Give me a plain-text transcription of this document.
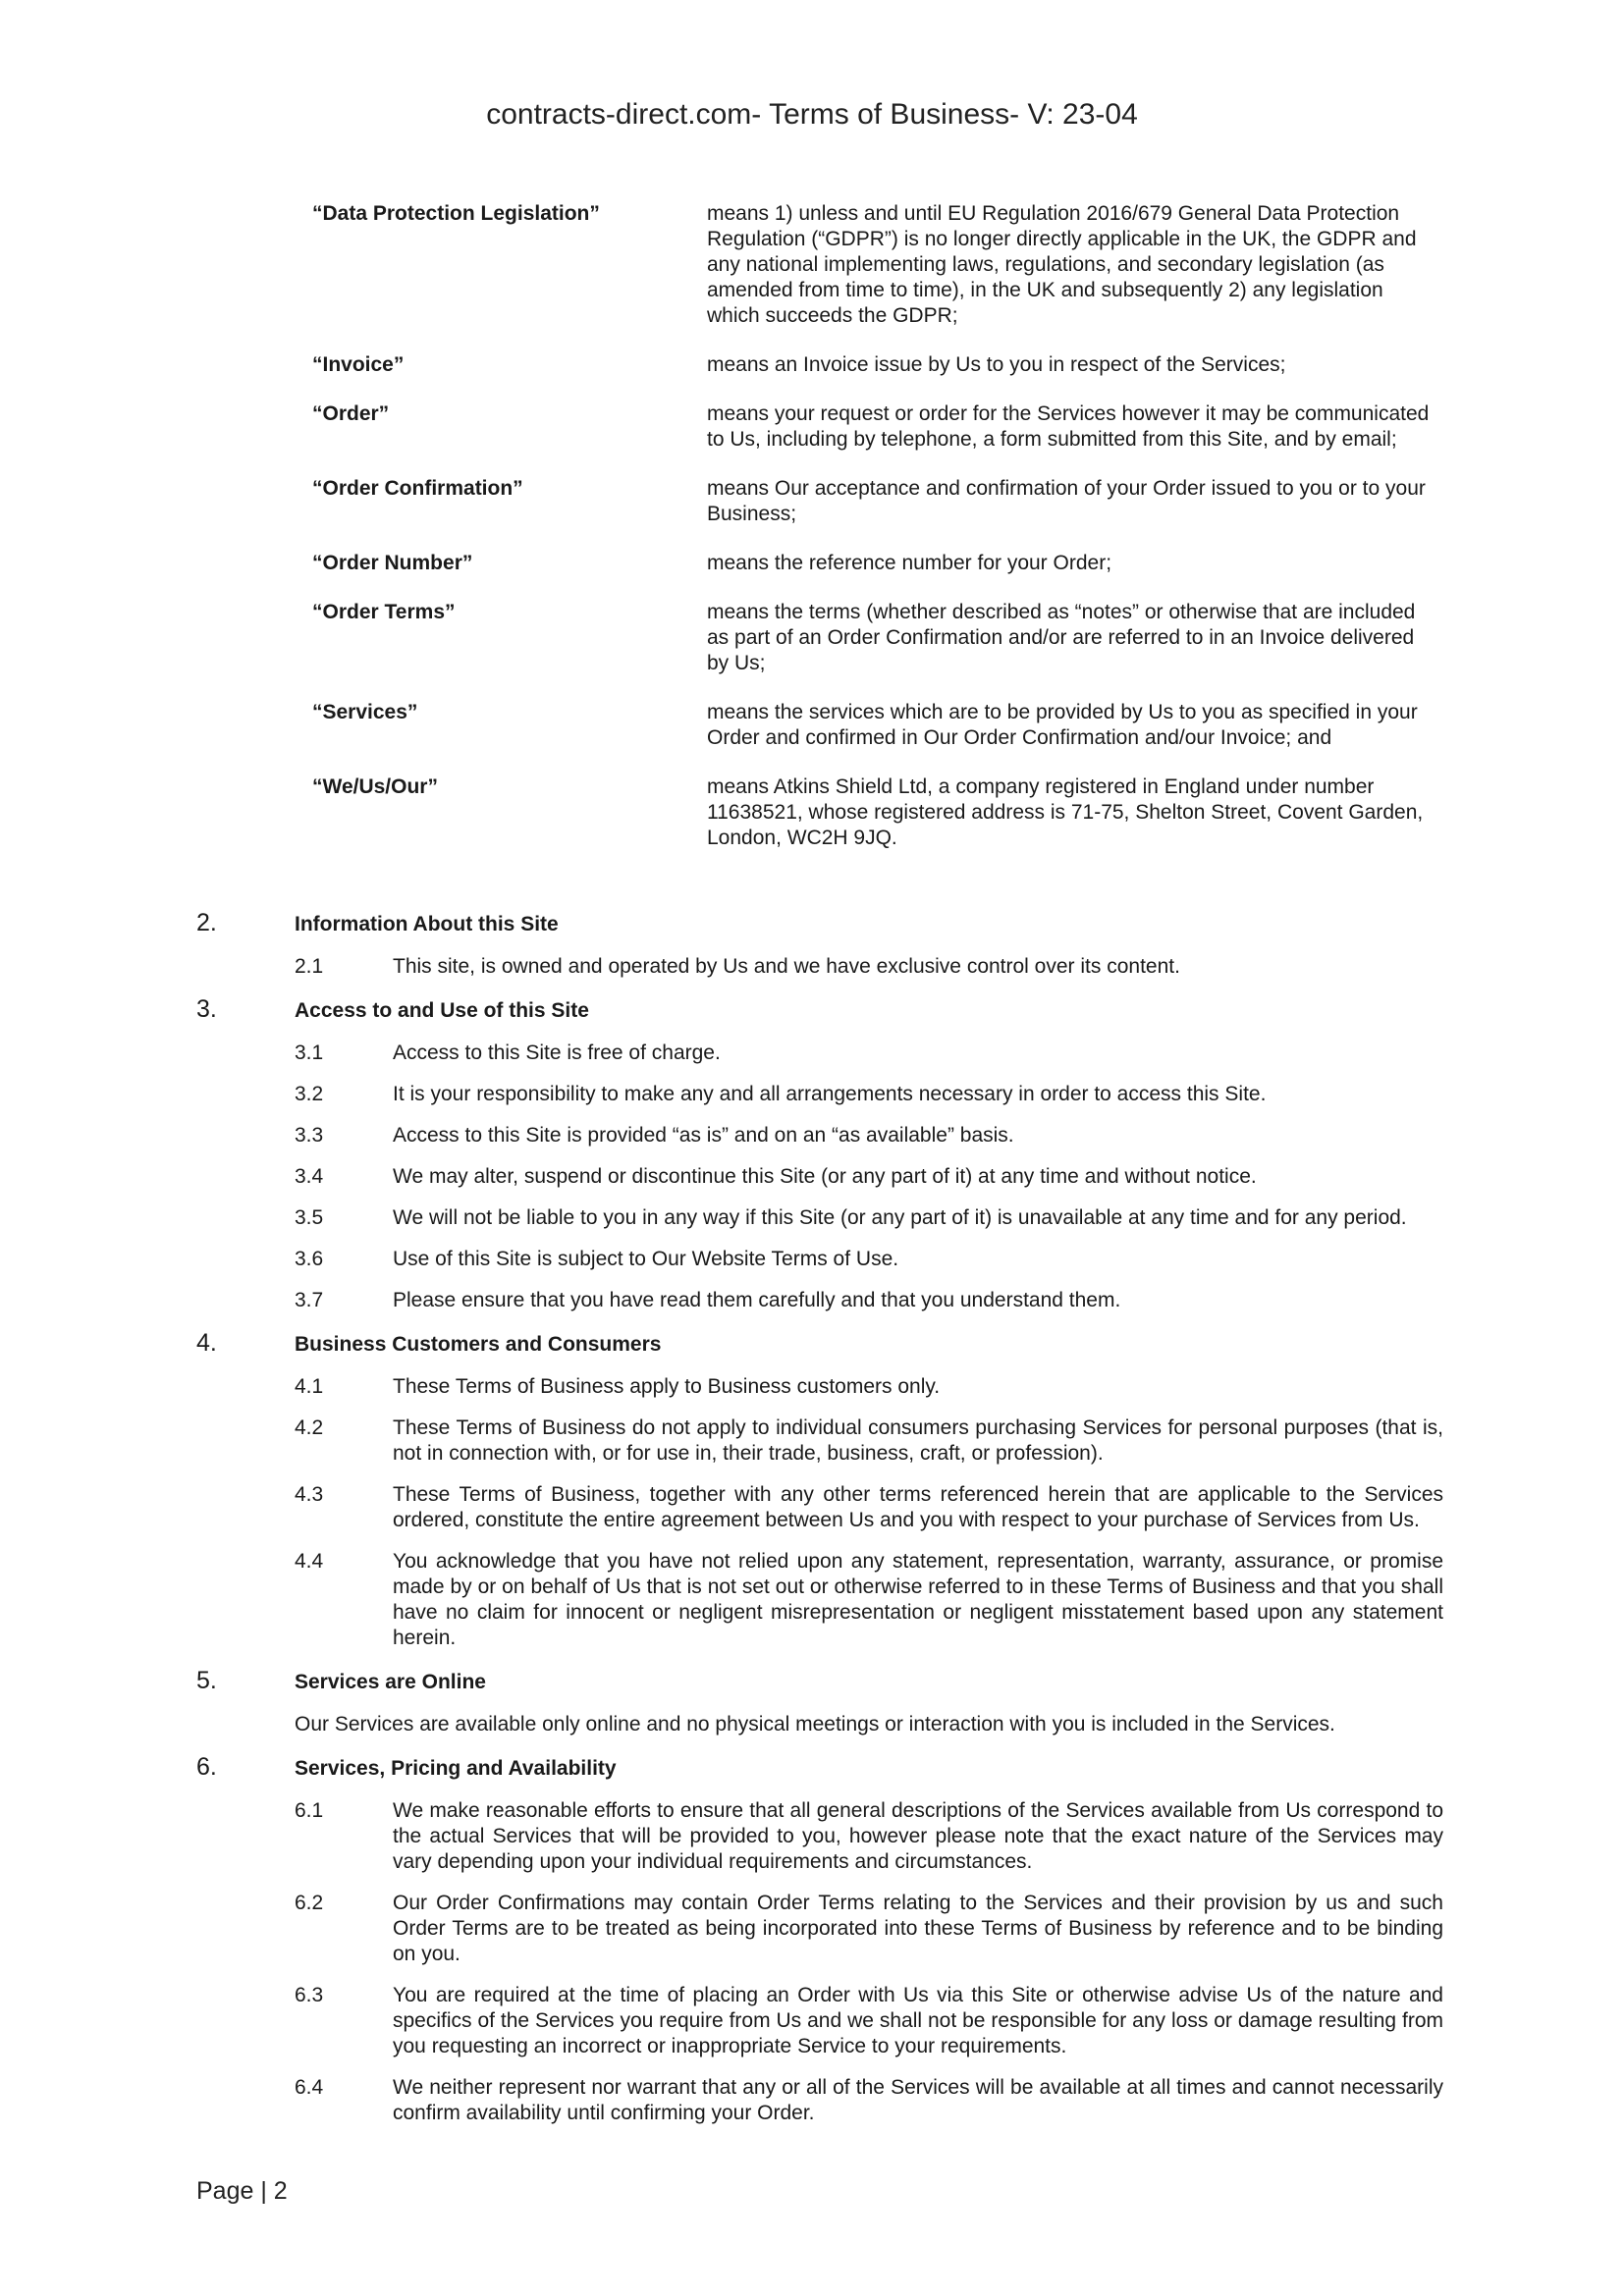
contracts-direct.com- Terms of Business- V: 23-04
“Data Protection Legislation”	means 1) unless and until EU Regulation 2016/679 General Data Protection Regulation (“GDPR”) is no longer directly applicable in the UK, the GDPR and any national implementing laws, regulations, and secondary legislation (as amended from time to time), in the UK and subsequently 2) any legislation which succeeds the GDPR;
“Invoice”	means an Invoice issue by Us to you in respect of the Services;
“Order”	means your request or order for the Services however it may be communicated to Us, including by telephone, a form submitted from this Site, and by email;
“Order Confirmation”	means Our acceptance and confirmation of your Order issued to you or to your Business;
“Order Number”	means the reference number for your Order;
“Order Terms”	means the terms (whether described as “notes” or otherwise that are included as part of an Order Confirmation and/or are referred to in an Invoice delivered by Us;
“Services”	means the services which are to be provided by Us to you as specified in your Order and confirmed in Our Order Confirmation and/our Invoice; and
“We/Us/Our”	means Atkins Shield Ltd, a company registered in England under number 11638521, whose registered address is 71-75, Shelton Street, Covent Garden, London, WC2H 9JQ.
2.	Information About this Site
2.1	This site, is owned and operated by Us and we have exclusive control over its content.
3.	Access to and Use of this Site
3.1	Access to this Site is free of charge.
3.2	It is your responsibility to make any and all arrangements necessary in order to access this Site.
3.3	Access to this Site is provided “as is” and on an “as available” basis.
3.4	We may alter, suspend or discontinue this Site (or any part of it) at any time and without notice.
3.5	We will not be liable to you in any way if this Site (or any part of it) is unavailable at any time and for any period.
3.6	Use of this Site is subject to Our Website Terms of Use.
3.7	Please ensure that you have read them carefully and that you understand them.
4.	Business Customers and Consumers
4.1	These Terms of Business apply to Business customers only.
4.2	These Terms of Business do not apply to individual consumers purchasing Services for personal purposes (that is, not in connection with, or for use in, their trade, business, craft, or profession).
4.3	These Terms of Business, together with any other terms referenced herein that are applicable to the Services ordered, constitute the entire agreement between Us and you with respect to your purchase of Services from Us.
4.4	You acknowledge that you have not relied upon any statement, representation, warranty, assurance, or promise made by or on behalf of Us that is not set out or otherwise referred to in these Terms of Business and that you shall have no claim for innocent or negligent misrepresentation or negligent misstatement based upon any statement herein.
5.	Services are Online
Our Services are available only online and no physical meetings or interaction with you is included in the Services.
6.	Services, Pricing and Availability
6.1	We make reasonable efforts to ensure that all general descriptions of the Services available from Us correspond to the actual Services that will be provided to you, however please note that the exact nature of the Services may vary depending upon your individual requirements and circumstances.
6.2	Our Order Confirmations may contain Order Terms relating to the Services and their provision by us and such Order Terms are to be treated as being incorporated into these Terms of Business by reference and to be binding on you.
6.3	You are required at the time of placing an Order with Us via this Site or otherwise advise Us of the nature and specifics of the Services you require from Us and we shall not be responsible for any loss or damage resulting from you requesting an incorrect or inappropriate Service to your requirements.
6.4	We neither represent nor warrant that any or all of the Services will be available at all times and cannot necessarily confirm availability until confirming your Order.
Page | 2
